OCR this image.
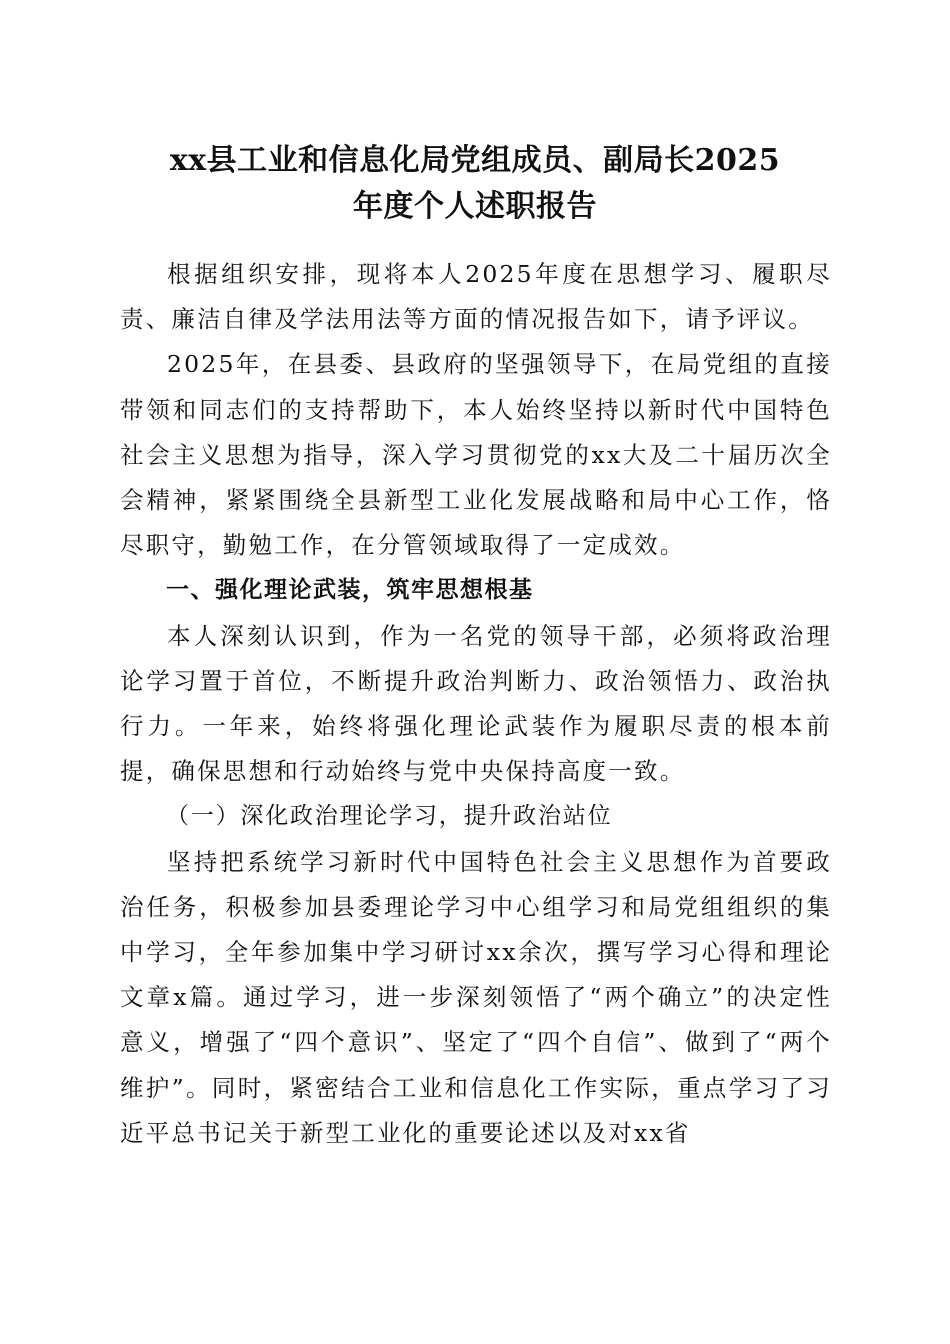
xx县工业和信息化局党组成员、副局长2025
年度个人述职报告

根据组织安排，现将本人2025年度在思想学习、履职尽责、廉洁自律及学法用法等方面的情况报告如下，请予评议。

2025年，在县委、县政府的坚强领导下，在局党组的直接带领和同志们的支持帮助下，本人始终坚持以新时代中国特色社会主义思想为指导，深入学习贯彻党的xx大及二十届历次全会精神，紧紧围绕全县新型工业化发展战略和局中心工作，恪尽职守，勤勉工作，在分管领域取得了一定成效。

一、强化理论武装，筑牢思想根基

本人深刻认识到，作为一名党的领导干部，必须将政治理论学习置于首位，不断提升政治判断力、政治领悟力、政治执行力。一年来，始终将强化理论武装作为履职尽责的根本前提，确保思想和行动始终与党中央保持高度一致。

（一）深化政治理论学习，提升政治站位

坚持把系统学习新时代中国特色社会主义思想作为首要政治任务，积极参加县委理论学习中心组学习和局党组组织的集中学习，全年参加集中学习研讨xx余次，撰写学习心得和理论文章x篇。通过学习，进一步深刻领悟了“两个确立”的决定性意义，增强了“四个意识”、坚定了“四个自信”、做到了“两个维护”。同时，紧密结合工业和信息化工作实际，重点学习了习近平总书记关于新型工业化的重要论述以及对xx省
